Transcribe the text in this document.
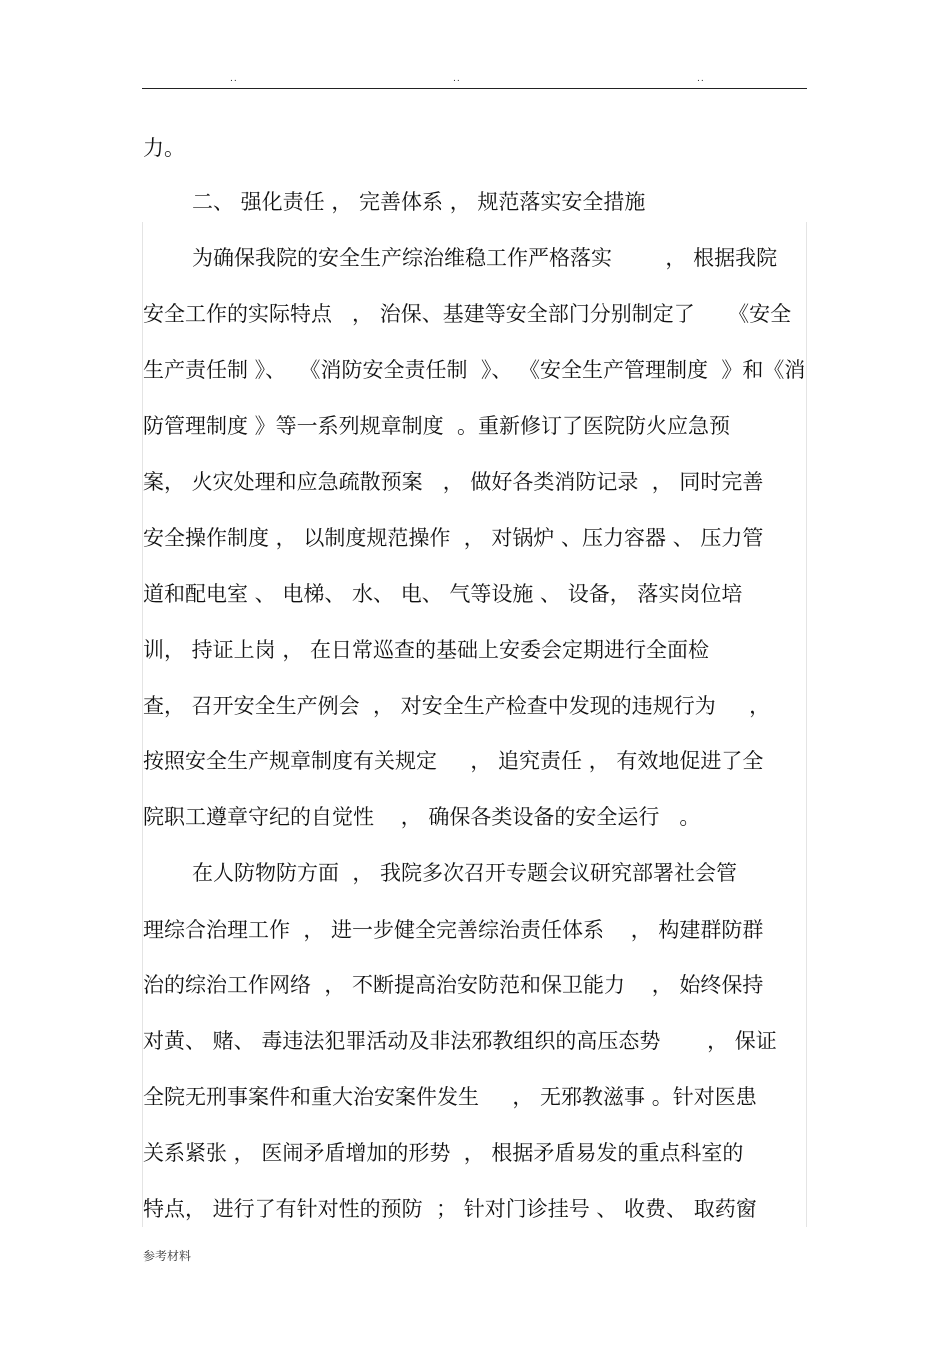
..	..	..
力。
二、 强化责任 ， 完善体系 ， 规范落实安全措施
为确保我院的安全生产综治维稳工作严格落实        ， 根据我院
安全工作的实际特点   ， 治保、基建等安全部门分别制定了     《安全
生产责任制 》、  《消防安全责任制  》、 《安全生产管理制度  》和《消
防管理制度 》等一系列规章制度  。重新修订了医院防火应急预
案， 火灾处理和应急疏散预案   ， 做好各类消防记录  ， 同时完善
安全操作制度 ， 以制度规范操作  ， 对锅炉 、压力容器 、 压力管
道和配电室 、 电梯、 水、 电、 气等设施 、 设备， 落实岗位培
训， 持证上岗 ， 在日常巡查的基础上安委会定期进行全面检
查， 召开安全生产例会  ， 对安全生产检查中发现的违规行为     ，
按照安全生产规章制度有关规定     ， 追究责任 ， 有效地促进了全
院职工遵章守纪的自觉性    ， 确保各类设备的安全运行   。
在人防物防方面  ， 我院多次召开专题会议研究部署社会管
理综合治理工作  ， 进一步健全完善综治责任体系    ， 构建群防群
治的综治工作网络  ， 不断提高治安防范和保卫能力    ， 始终保持
对黄、 赌、 毒违法犯罪活动及非法邪教组织的高压态势       ， 保证
全院无刑事案件和重大治安案件发生     ， 无邪教滋事 。针对医患
关系紧张 ， 医闹矛盾增加的形势  ， 根据矛盾易发的重点科室的
特点， 进行了有针对性的预防  ； 针对门诊挂号 、 收费、 取药窗
参考材料
